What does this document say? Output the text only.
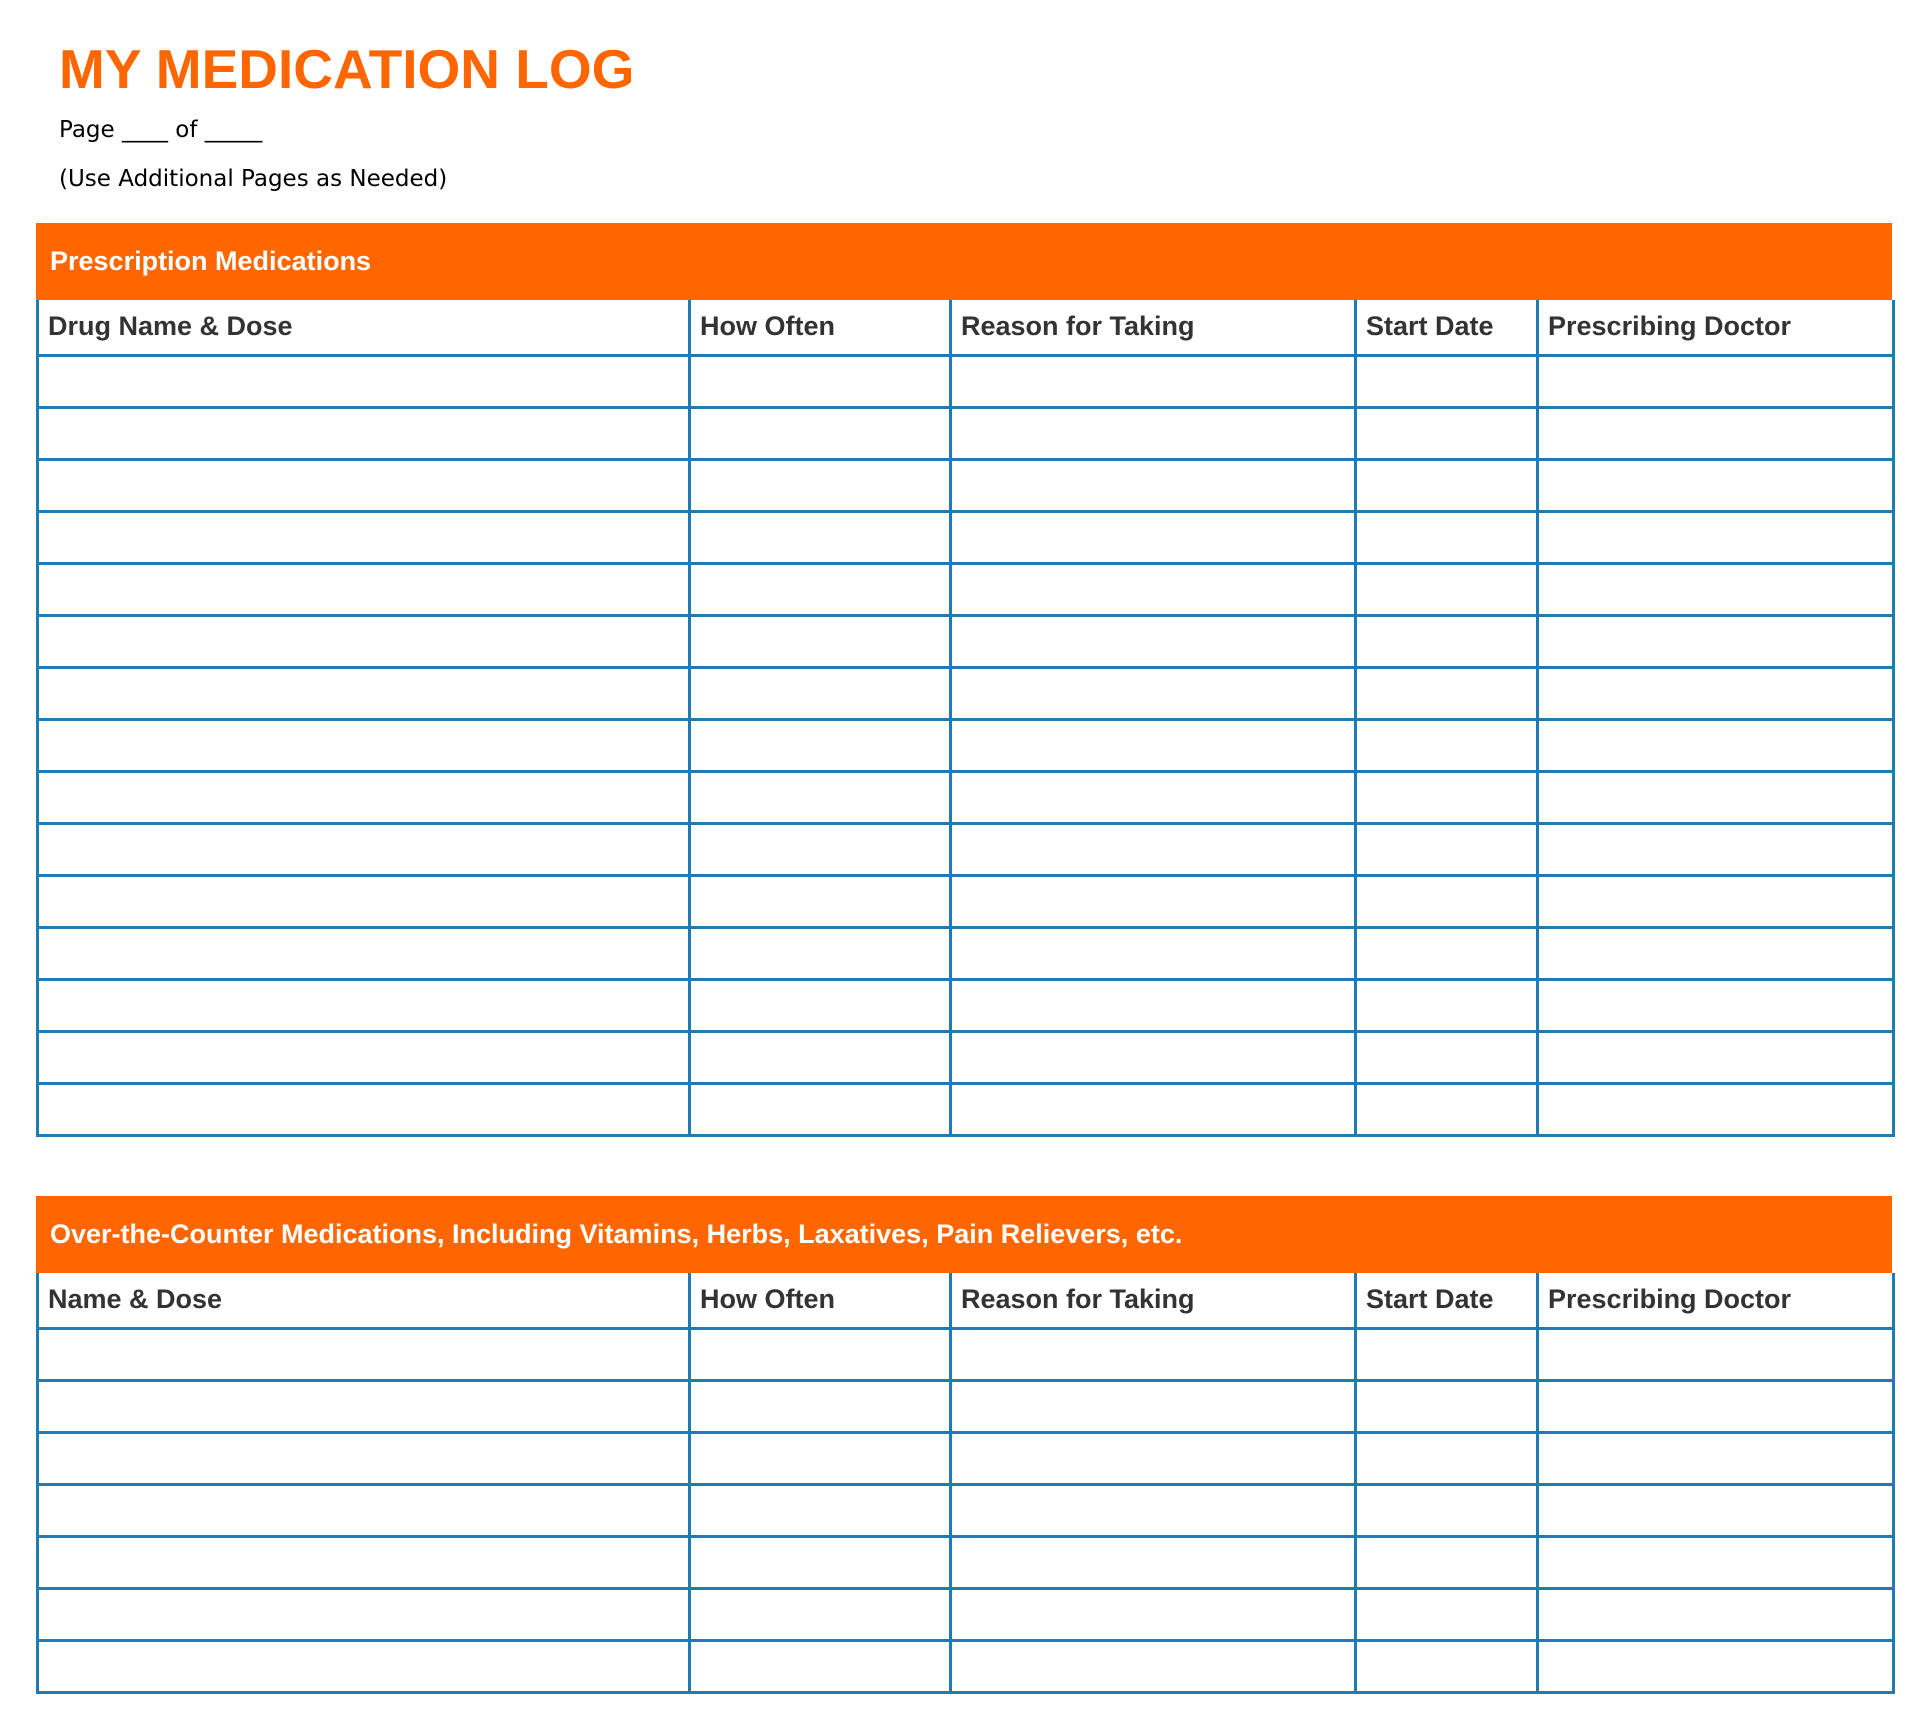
MY MEDICATION LOG
Page ____ of _____
(Use Additional Pages as Needed)
Prescription Medications
Drug Name & Dose	How Often	Reason for Taking	Start Date	Prescribing Doctor

Over-the-Counter Medications, Including Vitamins, Herbs, Laxatives, Pain Relievers, etc.
Name & Dose	How Often	Reason for Taking	Start Date	Prescribing Doctor
